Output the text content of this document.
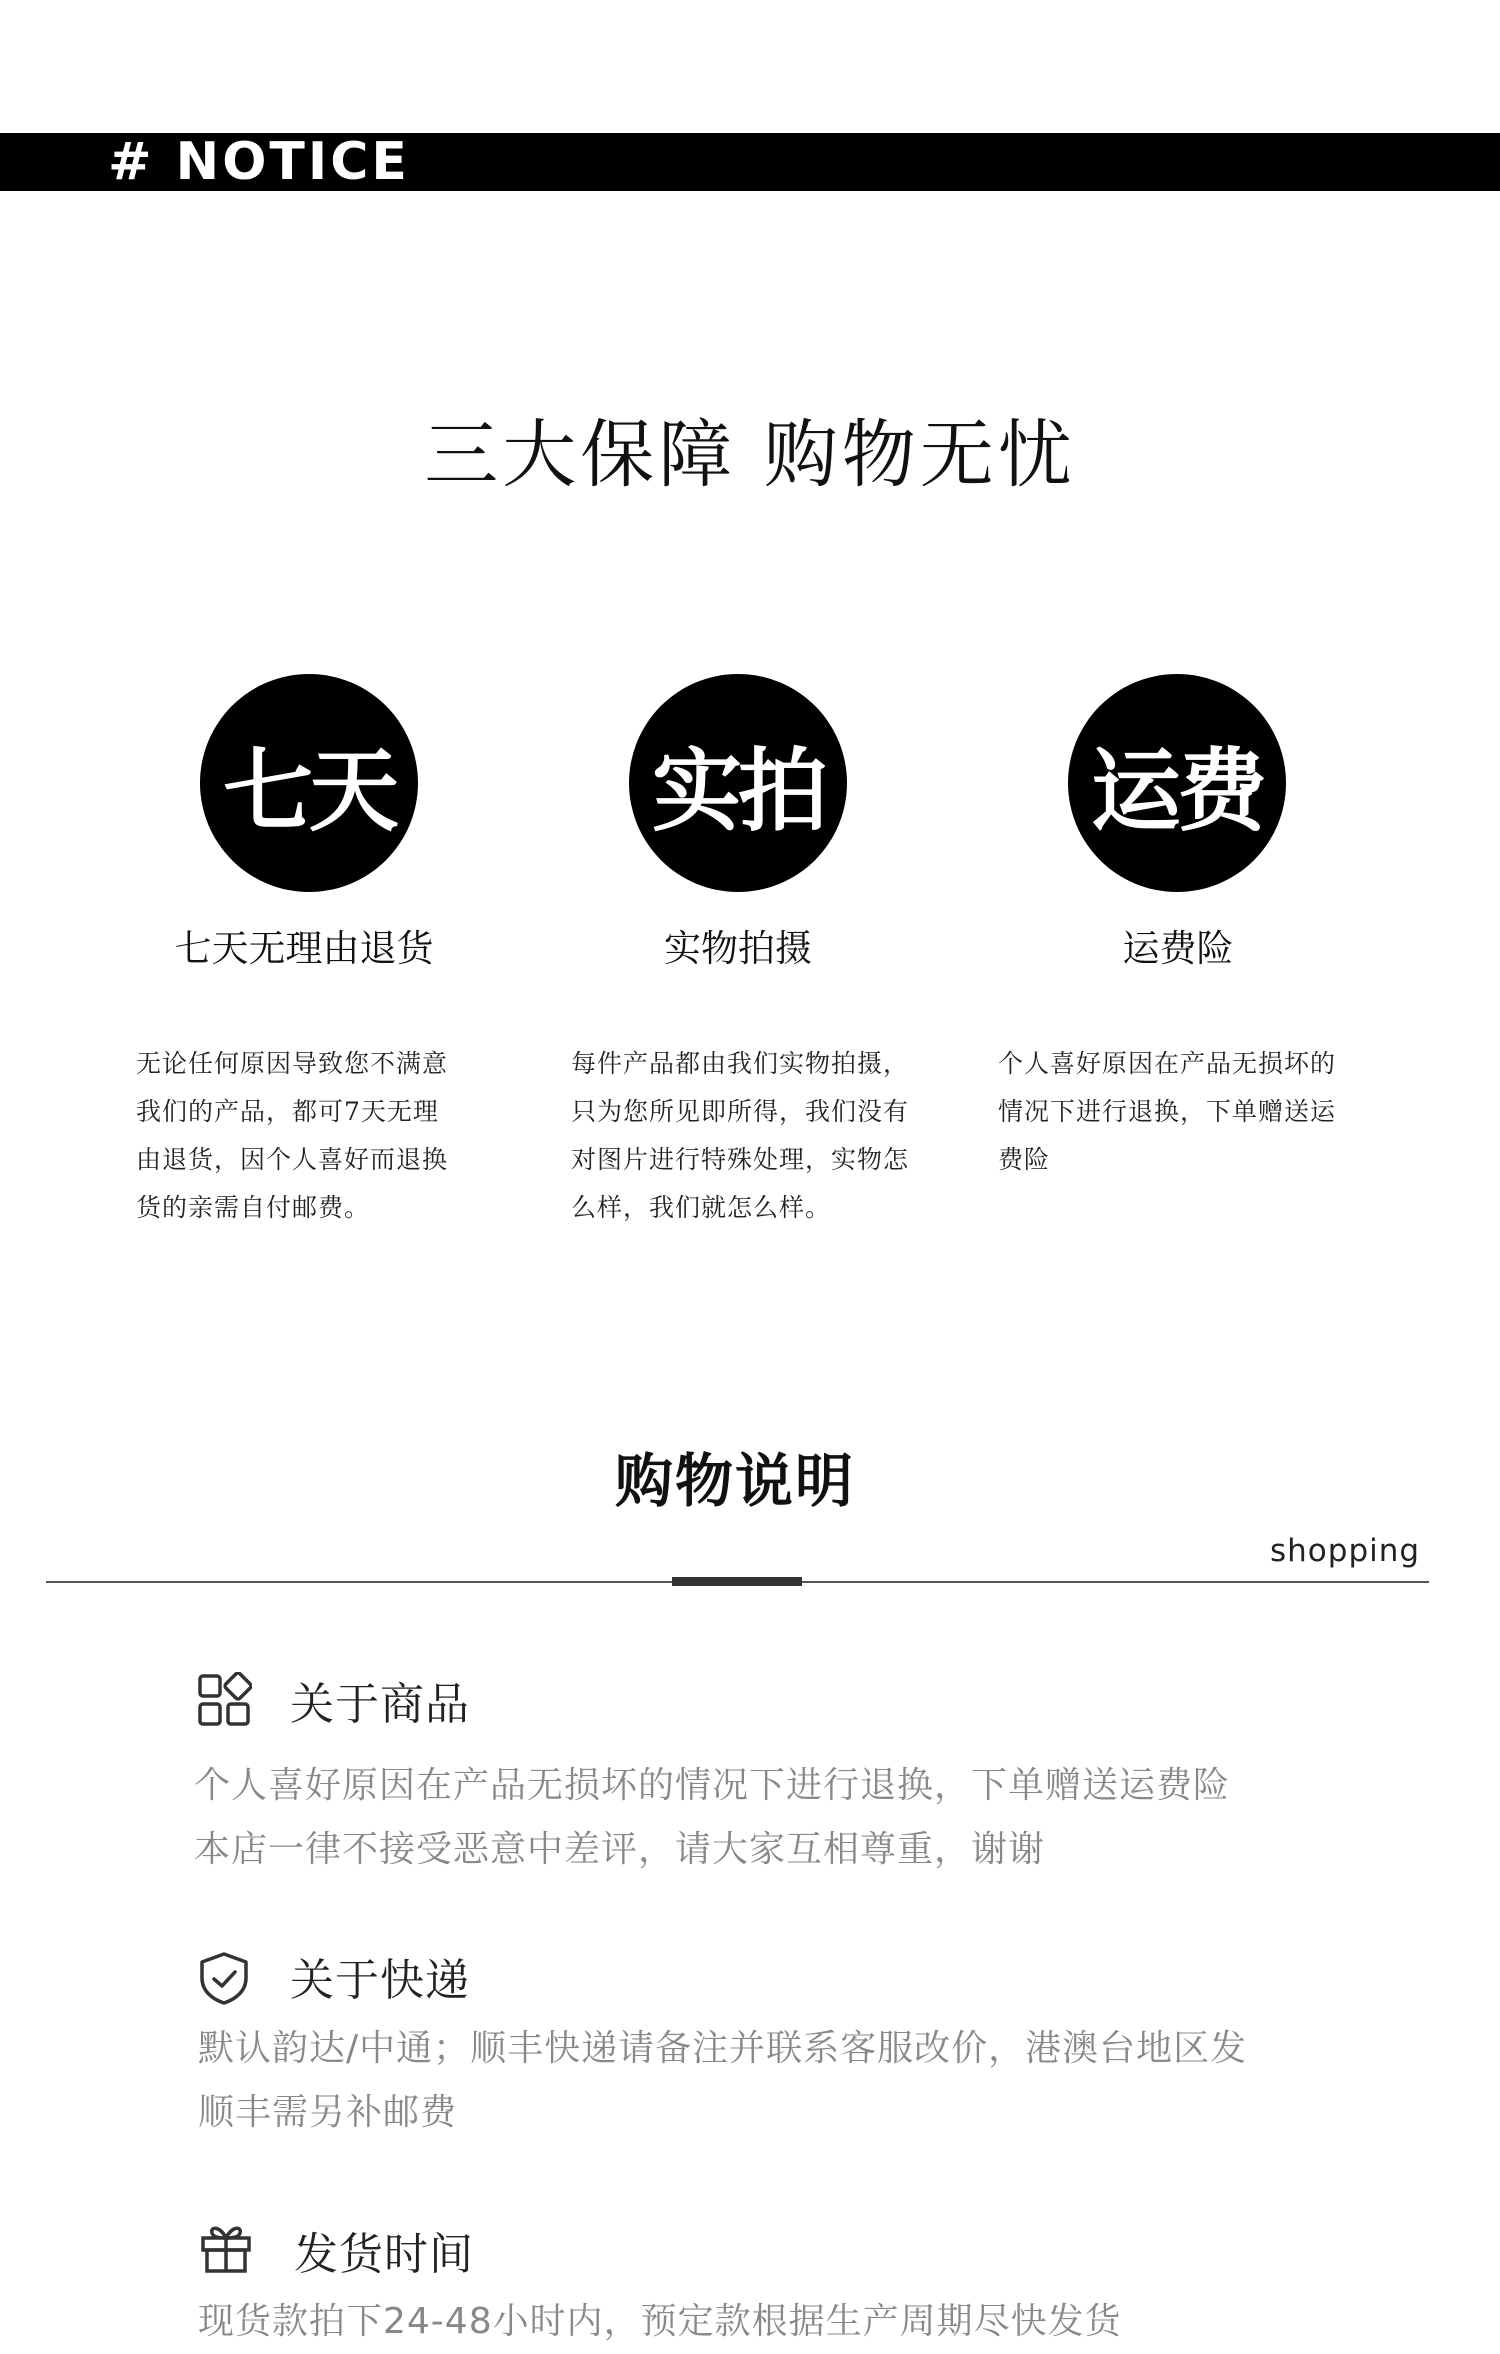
# NOTICE
三大保障 购物无忧
七天
七天无理由退货
无论任何原因导致您不满意
我们的产品，都可7天无理
由退货，因个人喜好而退换
货的亲需自付邮费。
实拍
实物拍摄
每件产品都由我们实物拍摄，
只为您所见即所得，我们没有
对图片进行特殊处理，实物怎
么样，我们就怎么样。
运费
运费险
个人喜好原因在产品无损坏的
情况下进行退换，下单赠送运
费险
购物说明
shopping
关于商品
个人喜好原因在产品无损坏的情况下进行退换，下单赠送运费险
本店一律不接受恶意中差评，请大家互相尊重，谢谢
关于快递
默认韵达/中通；顺丰快递请备注并联系客服改价，港澳台地区发
顺丰需另补邮费
发货时间
现货款拍下24-48小时内，预定款根据生产周期尽快发货
